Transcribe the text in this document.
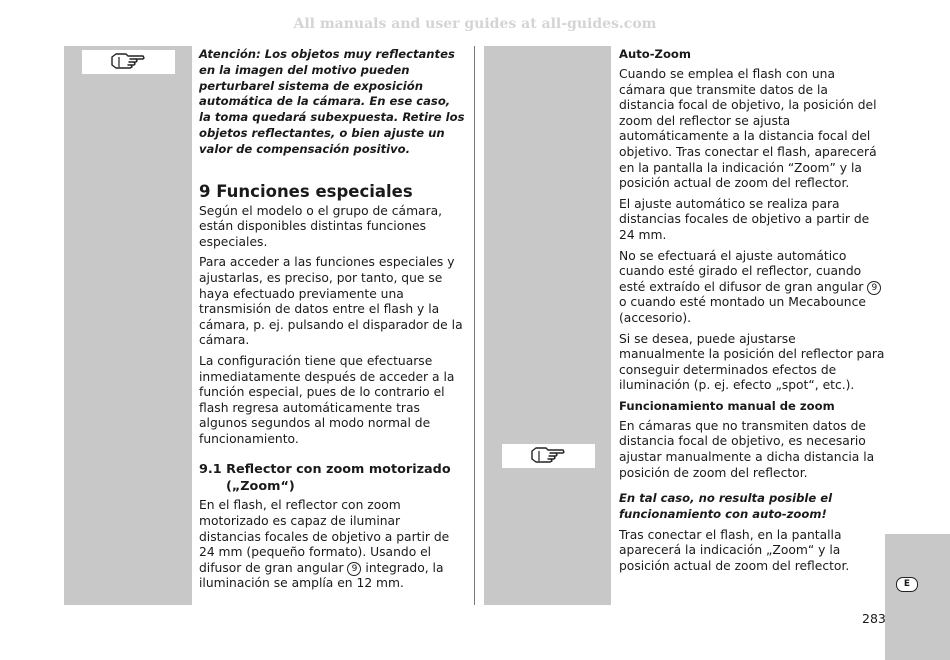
All manuals and user guides at all-guides.com

Atención: Los objetos muy reflectantes en la imagen del motivo pueden perturbarel sistema de exposición automática de la cámara. En ese caso, la toma quedará subexpuesta. Retire los objetos reflectantes, o bien ajuste un valor de compensación positivo.

9 Funciones especiales

Según el modelo o el grupo de cámara, están disponibles distintas funciones especiales.

Para acceder a las funciones especiales y ajustarlas, es preciso, por tanto, que se haya efectuado previamente una transmisión de datos entre el flash y la cámara, p. ej. pulsando el disparador de la cámara.

La configuración tiene que efectuarse inmediatamente después de acceder a la función especial, pues de lo contrario el flash regresa automáticamente tras algunos segundos al modo normal de funcionamiento.

9.1 Reflector con zoom motorizado
(„Zoom“)

En el flash, el reflector con zoom motorizado es capaz de iluminar distancias focales de objetivo a partir de 24 mm (pequeño formato). Usando el difusor de gran angular 9 integrado, la iluminación se amplía en 12 mm.

Auto-Zoom

Cuando se emplea el flash con una cámara que transmite datos de la distancia focal de objetivo, la posición del zoom del reflector se ajusta automáticamente a la distancia focal del objetivo. Tras conectar el flash, aparecerá en la pantalla la indicación “Zoom” y la posición actual de zoom del reflector.

El ajuste automático se realiza para distancias focales de objetivo a partir de 24 mm.

No se efectuará el ajuste automático cuando esté girado el reflector, cuando esté extraído el difusor de gran angular 9 o cuando esté montado un Mecabounce (accesorio).

Si se desea, puede ajustarse manualmente la posición del reflector para conseguir determinados efectos de iluminación (p. ej. efecto „spot“, etc.).

Funcionamiento manual de zoom

En cámaras que no transmiten datos de distancia focal de objetivo, es necesario ajustar manualmente a dicha distancia la posición de zoom del reflector.

En tal caso, no resulta posible el funcionamiento con auto-zoom!

Tras conectar el flash, en la pantalla aparecerá la indicación „Zoom“ y la posición actual de zoom del reflector.

E
283
